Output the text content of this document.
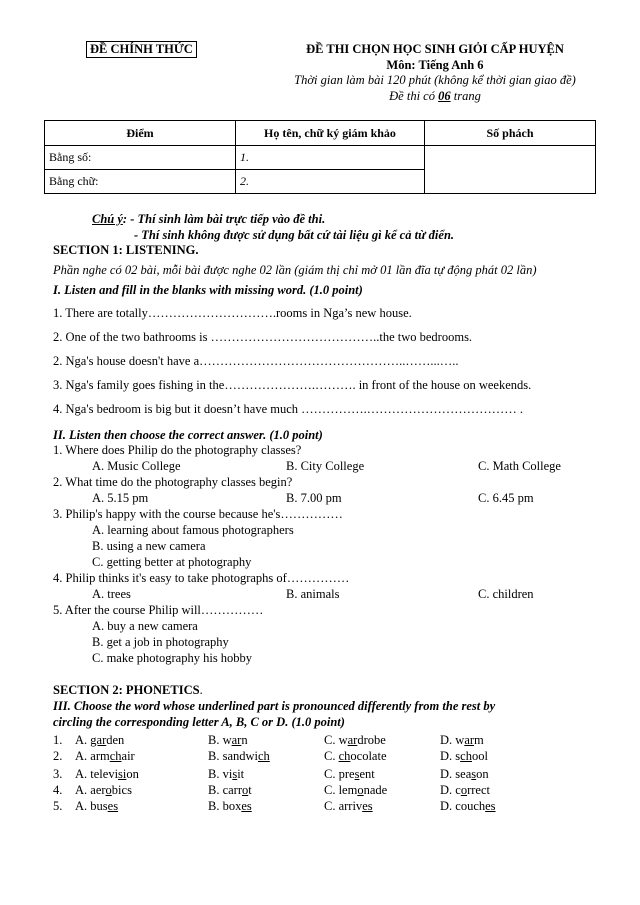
ĐỀ CHÍNH THỨC	ĐỀ THI CHỌN HỌC SINH GIỎI CẤP HUYỆN
Môn: Tiếng Anh 6
Thời gian làm bài 120 phút (không kể thời gian giao đề)
Đề thi có 06 trang
Điểm	Họ tên, chữ ký giám khảo	Số phách
Bằng số:	1.	
Bằng chữ:	2.	
Chú ý: - Thí sinh làm bài trực tiếp vào đề thi.
- Thí sinh không được sử dụng bất cứ tài liệu gì kể cả từ điển.
SECTION 1: LISTENING.
Phần nghe có 02 bài, mỗi bài được nghe 02 lần (giám thị chỉ mở 01 lần đĩa tự động phát 02 lần)
I. Listen and fill in the blanks with missing word. (1.0 point)
1. There are totally………………………….rooms in Nga’s new house.
2. One of the two bathrooms is …………………………………..the two bedrooms.
2. Nga's house doesn't have a…………………………………………..……...…..
3. Nga's family goes fishing in the………………….………. in front of the house on weekends.
4. Nga's bedroom is big but it doesn’t have much …………….……………………………… .
II. Listen then choose the correct answer. (1.0 point)
1. Where does Philip do the photography classes?
A. Music College	B. City College	C. Math College
2. What time do the photography classes begin?
A. 5.15 pm	B. 7.00 pm	C. 6.45 pm
3. Philip's happy with the course because he's……………
A. learning about famous photographers
B. using a new camera
C. getting better at photography
4. Philip thinks it's easy to take photographs of……………
A. trees	B. animals	C. children
5. After the course Philip will……………
A. buy a new camera
B. get a job in photography
C. make photography his hobby
SECTION 2: PHONETICS.
III. Choose the word whose underlined part is pronounced differently from the rest by
circling the corresponding letter A, B, C or D. (1.0 point)
1. A. garden	B. warn	C. wardrobe	D. warm
2. A. armchair	B. sandwich	C. chocolate	D. school
3. A. television	B. visit	C. present	D. season
4. A. aerobics	B. carrot	C. lemonade	D. correct
5. A. buses	B. boxes	C. arrives	D. couches
